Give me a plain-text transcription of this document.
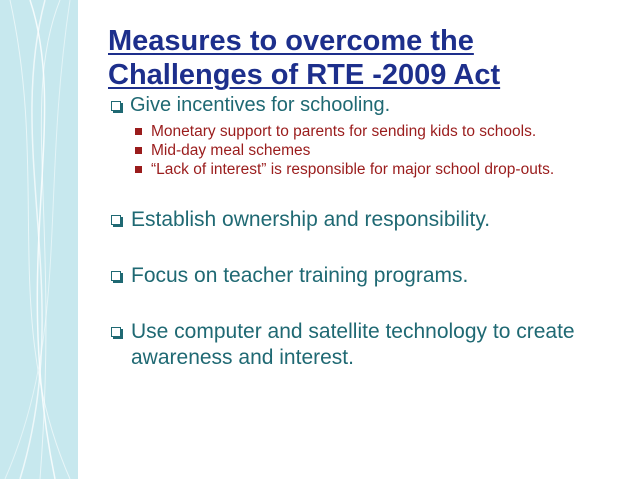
Measures to overcome the Challenges of RTE -2009 Act
Give incentives for schooling.
Monetary support to parents for sending kids to schools.
Mid-day meal schemes
“Lack of interest” is responsible for major school drop-outs.
Establish ownership and responsibility.
Focus on teacher training programs.
Use computer and satellite technology to create awareness and interest.
